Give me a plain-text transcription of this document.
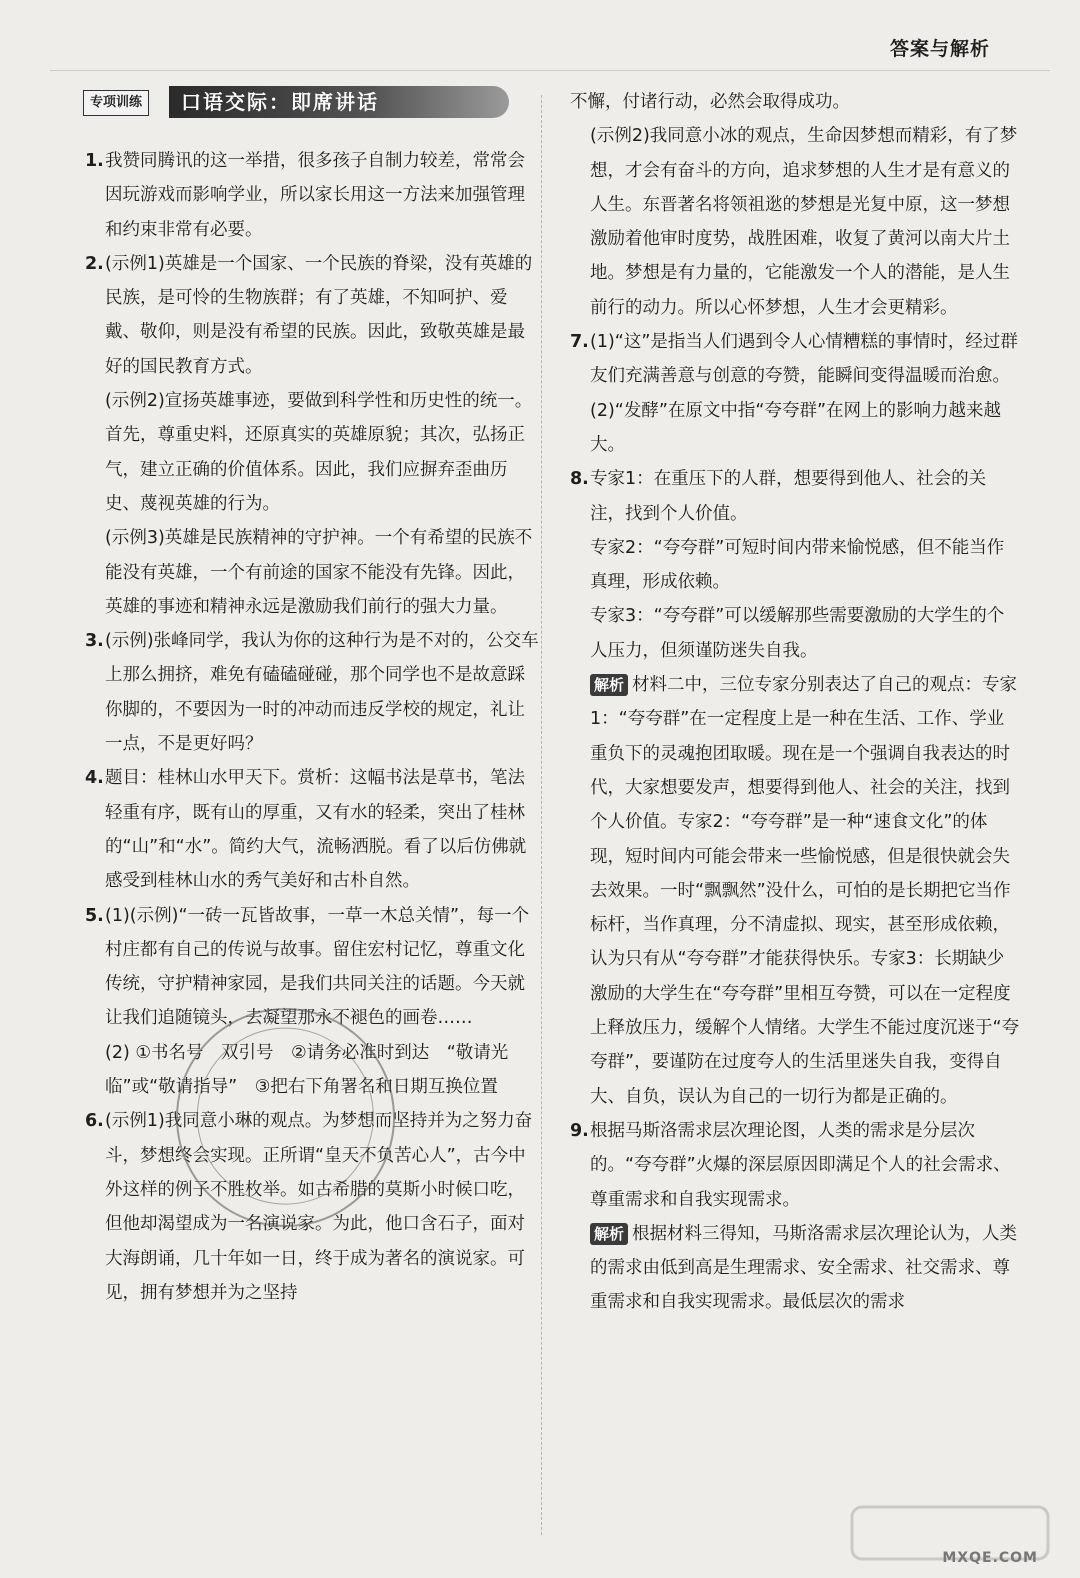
答案与解析
专项训练	口语交际：即席讲话
1. 我赞同腾讯的这一举措，很多孩子自制力较差，常常会因玩游戏而影响学业，所以家长用这一方法来加强管理和约束非常有必要。

2. (示例1)英雄是一个国家、一个民族的脊梁，没有英雄的民族，是可怜的生物族群；有了英雄，不知呵护、爱戴、敬仰，则是没有希望的民族。因此，致敬英雄是最好的国民教育方式。

(示例2)宣扬英雄事迹，要做到科学性和历史性的统一。首先，尊重史料，还原真实的英雄原貌；其次，弘扬正气，建立正确的价值体系。因此，我们应摒弃歪曲历史、蔑视英雄的行为。

(示例3)英雄是民族精神的守护神。一个有希望的民族不能没有英雄，一个有前途的国家不能没有先锋。因此，英雄的事迹和精神永远是激励我们前行的强大力量。

3. (示例)张峰同学，我认为你的这种行为是不对的，公交车上那么拥挤，难免有磕磕碰碰，那个同学也不是故意踩你脚的，不要因为一时的冲动而违反学校的规定，礼让一点，不是更好吗？

4. 题目：桂林山水甲天下。赏析：这幅书法是草书，笔法轻重有序，既有山的厚重，又有水的轻柔，突出了桂林的“山”和“水”。简约大气，流畅洒脱。看了以后仿佛就感受到桂林山水的秀气美好和古朴自然。

5. (1)(示例)“一砖一瓦皆故事，一草一木总关情”，每一个村庄都有自己的传说与故事。留住宏村记忆，尊重文化传统，守护精神家园，是我们共同关注的话题。今天就让我们追随镜头，去凝望那永不褪色的画卷……

(2) ①书名号　双引号　②请务必准时到达　“敬请光临”或“敬请指导”　③把右下角署名和日期互换位置

6. (示例1)我同意小琳的观点。为梦想而坚持并为之努力奋斗，梦想终会实现。正所谓“皇天不负苦心人”，古今中外这样的例子不胜枚举。如古希腊的莫斯小时候口吃，但他却渴望成为一名演说家。为此，他口含石子，面对大海朗诵，几十年如一日，终于成为著名的演说家。可见，拥有梦想并为之坚持

不懈，付诸行动，必然会取得成功。

(示例2)我同意小冰的观点，生命因梦想而精彩，有了梦想，才会有奋斗的方向，追求梦想的人生才是有意义的人生。东晋著名将领祖逖的梦想是光复中原，这一梦想激励着他审时度势，战胜困难，收复了黄河以南大片土地。梦想是有力量的，它能激发一个人的潜能，是人生前行的动力。所以心怀梦想，人生才会更精彩。

7. (1)“这”是指当人们遇到令人心情糟糕的事情时，经过群友们充满善意与创意的夸赞，能瞬间变得温暖而治愈。

(2)“发酵”在原文中指“夸夸群”在网上的影响力越来越大。

8. 专家1：在重压下的人群，想要得到他人、社会的关注，找到个人价值。

专家2：“夸夸群”可短时间内带来愉悦感，但不能当作真理，形成依赖。

专家3：“夸夸群”可以缓解那些需要激励的大学生的个人压力，但须谨防迷失自我。

解析 材料二中，三位专家分别表达了自己的观点：专家1：“夸夸群”在一定程度上是一种在生活、工作、学业重负下的灵魂抱团取暖。现在是一个强调自我表达的时代，大家想要发声，想要得到他人、社会的关注，找到个人价值。专家2：“夸夸群”是一种“速食文化”的体现，短时间内可能会带来一些愉悦感，但是很快就会失去效果。一时“飘飘然”没什么，可怕的是长期把它当作标杆，当作真理，分不清虚拟、现实，甚至形成依赖，认为只有从“夸夸群”才能获得快乐。专家3：长期缺少激励的大学生在“夸夸群”里相互夸赞，可以在一定程度上释放压力，缓解个人情绪。大学生不能过度沉迷于“夸夸群”，要谨防在过度夸人的生活里迷失自我，变得自大、自负，误认为自己的一切行为都是正确的。
9. 根据马斯洛需求层次理论图，人类的需求是分层次的。“夸夸群”火爆的深层原因即满足个人的社会需求、尊重需求和自我实现需求。

解析 根据材料三得知，马斯洛需求层次理论认为，人类的需求由低到高是生理需求、安全需求、社交需求、尊重需求和自我实现需求。最低层次的需求
MXQE.COM
